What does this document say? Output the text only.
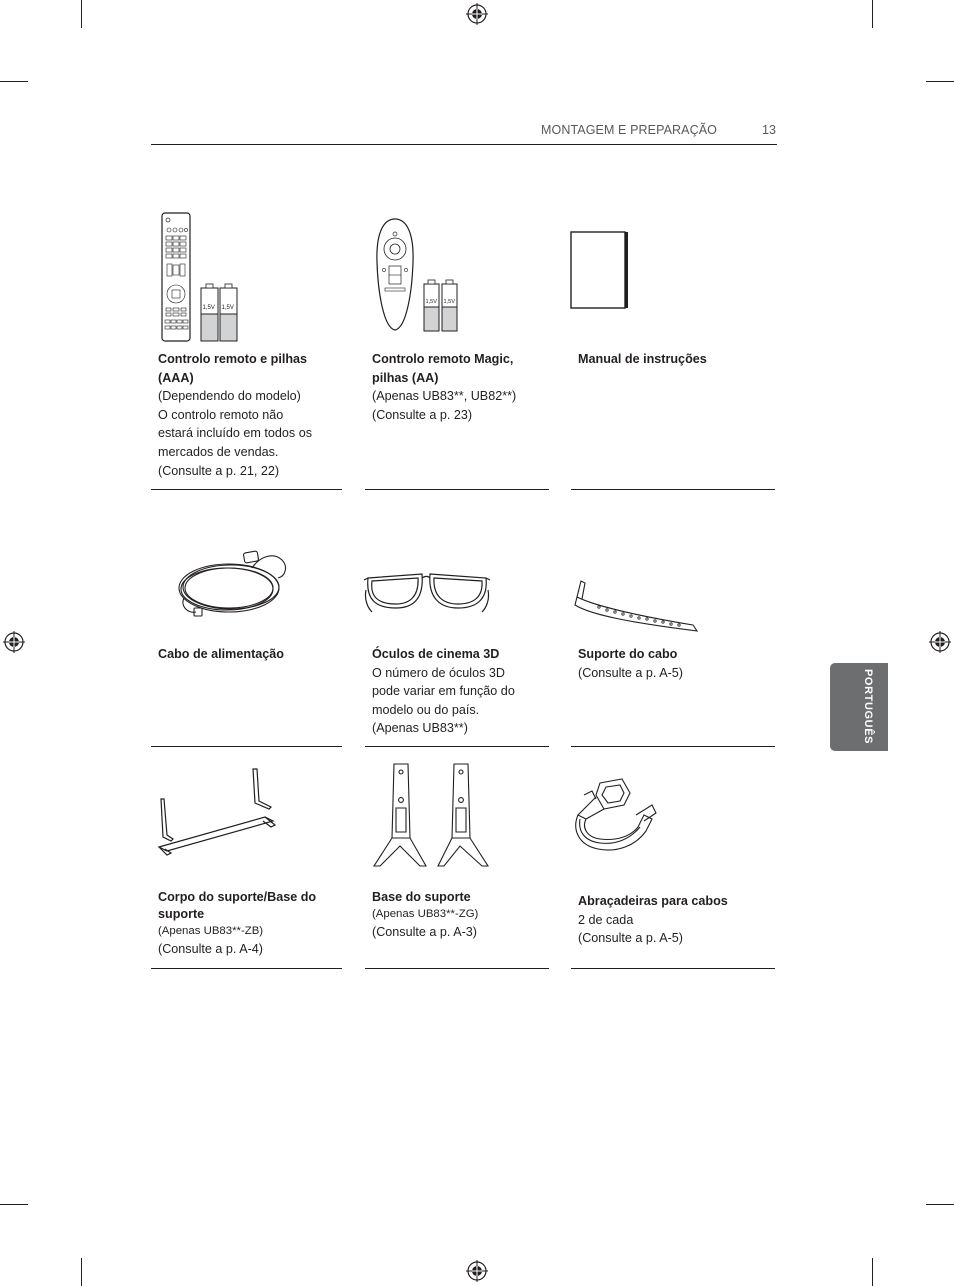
MONTAGEM E PREPARAÇÃO	13
PORTUGUÊS
1,5V 1,5V
1,5V 1,5V
Controlo remoto e pilhas
(AAA)
(Dependendo do modelo)
O controlo remoto não
estará incluído em todos os
mercados de vendas.
(Consulte a p. 21, 22)
Controlo remoto Magic,
pilhas (AA)
(Apenas UB83**, UB82**)
(Consulte a p. 23)
Manual de instruções
Cabo de alimentação	Óculos de cinema 3D
O número de óculos 3D
pode variar em função do
modelo ou do país.
(Apenas UB83**)
Suporte do cabo
(Consulte a p. A-5)
Corpo do suporte/Base do
suporte
(Apenas UB83**-ZB)
(Consulte a p. A-4)
Base do suporte
(Apenas UB83**-ZG)
(Consulte a p. A-3)
Abraçadeiras para cabos
2 de cada
(Consulte a p. A-5)
